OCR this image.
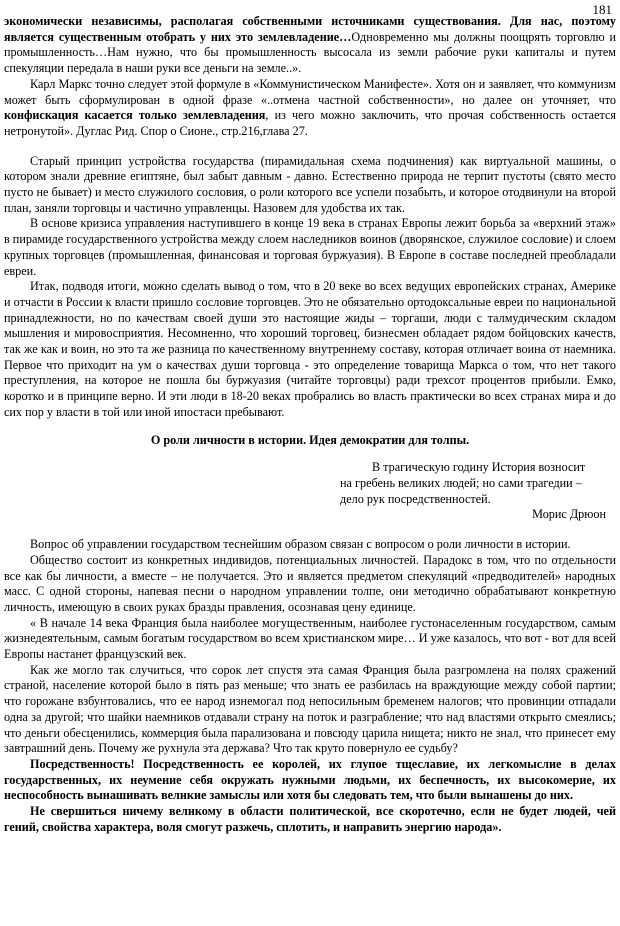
181

экономически независимы, располагая собственными источниками существования. Для нас, поэтому является существенным отобрать у них это землевладение…Одновременно мы должны поощрять торговлю и промышленность…Нам нужно, что бы промышленность высосала из земли рабочие руки капиталы и путем спекуляции передала в наши руки все деньги на земле..».

Карл Маркс точно следует этой формуле в «Коммунистическом Манифесте». Хотя он и заявляет, что коммунизм может быть сформулирован в одной фразе «..отмена частной собственности», но далее он уточняет, что конфискация касается только землевладения, из чего можно заключить, что прочая собственность остается нетронутой». Дуглас Рид. Спор о Сионе., стр.216,глава 27.

Старый принцип устройства государства (пирамидальная схема подчинения) как виртуальной машины, о котором знали древние египтяне, был забыт давным - давно. Естественно природа не терпит пустоты (свято место пусто не бывает) и место служилого сословия, о роли которого все успели позабыть, и которое отодвинули на второй план, заняли торговцы и частично управленцы. Назовем для удобства их так.

В основе кризиса управления наступившего в конце 19 века в странах Европы лежит борьба за «верхний этаж» в пирамиде государственного устройства между слоем наследников воинов (дворянское, служилое сословие) и слоем крупных торговцев (промышленная, финансовая и торговая буржуазия). В Европе в составе последней преобладали евреи.

Итак, подводя итоги, можно сделать вывод о том, что в 20 веке во всех ведущих европейских странах, Америке и отчасти в России к власти пришло сословие торговцев. Это не обязательно ортодоксальные евреи по национальной принадлежности, но по качествам своей души это настоящие жиды – торгаши, люди с талмудическим складом мышления и мировосприятия. Несомненно, что хороший торговец, бизнесмен обладает рядом бойцовских качеств, так же как и воин, но это та же разница по качественному внутреннему составу, которая отличает воина от наемника. Первое что приходит на ум о качествах души торговца - это определение товарища Маркса о том, что нет такого преступления, на которое не пошла бы буржуазия (читайте торговцы) ради трехсот процентов прибыли. Емко, коротко и в принципе верно. И эти люди в 18-20 веках пробрались во власть практически во всех странах мира и до сих пор у власти в той или иной ипостаси пребывают.

О роли личности в истории. Идея демократии для толпы.

В трагическую годину История возносит
на гребень великих людей; но сами трагедии –
дело рук посредственностей.

Морис Дрюон

Вопрос об управлении государством теснейшим образом связан с вопросом о роли личности в истории.

Общество состоит из конкретных индивидов, потенциальных личностей. Парадокс в том, что по отдельности все как бы личности, а вместе – не получается. Это и является предметом спекуляций «предводителей» народных масс. С одной стороны, напевая песни о народном управлении толпе, они методично обрабатывают конкретную личность, имеющую в своих руках бразды правления, осознавая цену единице.

« В начале 14 века Франция была наиболее могущественным, наиболее густонаселенным государством, самым жизнедеятельным, самым богатым государством во всем христианском мире… И уже казалось, что вот - вот для всей Европы настанет французский век.

Как же могло так случиться, что сорок лет спустя эта самая Франция была разгромлена на полях сражений страной, население которой было в пять раз меньше; что знать ее разбилась на враждующие между собой партии; что горожане взбунтовались, что ее народ изнемогал под непосильным бременем налогов; что провинции отпадали одна за другой; что шайки наемников отдавали страну на поток и разграбление; что над властями открыто смеялись; что деньги обесценились, коммерция была парализована и повсюду царила нищета; никто не знал, что принесет ему завтрашний день. Почему же рухнула эта держава? Что так круто повернуло ее судьбу?

Посредственность! Посредственность ее королей, их глупое тщеславие, их легкомыслие в делах государственных, их неумение себя окружать нужными людьми, их беспечность, их высокомерие, их неспособность вынашивать великие замыслы или хотя бы следовать тем, что были вынашены до них.

Не свершиться ничему великому в области политической, все скоротечно, если не будет людей, чей гений, свойства характера, воля смогут разжечь, сплотить, и направить энергию народа».
